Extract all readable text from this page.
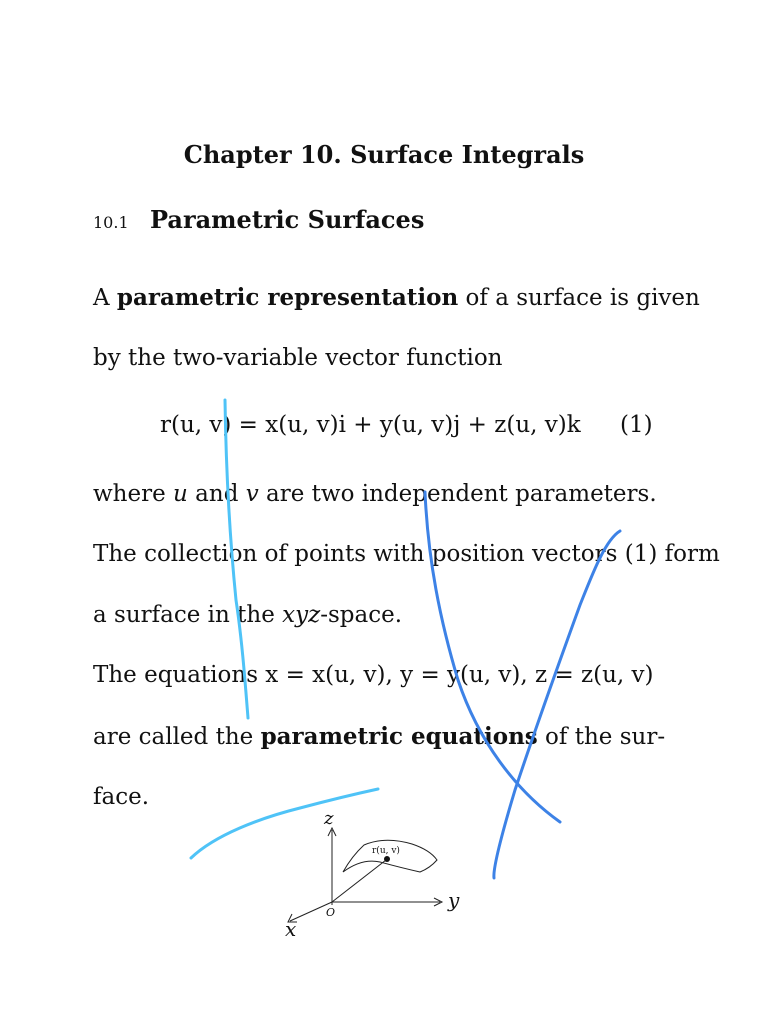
Chapter 10. Surface Integrals
10.1 Parametric Surfaces
A parametric representation of a surface is given
by the two-variable vector function
r(u, v) = x(u, v)i + y(u, v)j + z(u, v)k (1)
where u and v are two independent parameters.
The collection of points with position vectors (1) form
a surface in the xyz-space.
The equations x = x(u, v), y = y(u, v), z = z(u, v)
are called the parametric equations of the sur-
face.
z
y
x
O
r(u, v)
